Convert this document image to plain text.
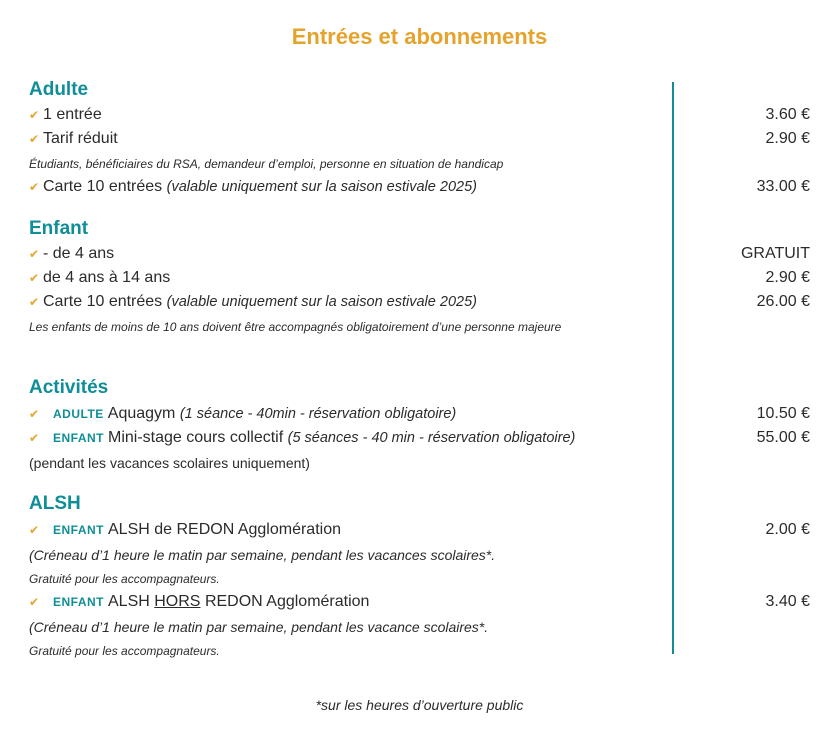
Entrées et abonnements
Adulte
✔ 1 entrée	3.60 €
✔ Tarif réduit	2.90 €
Étudiants, bénéficiaires du RSA, demandeur d’emploi, personne en situation de handicap
✔ Carte 10 entrées (valable uniquement sur la saison estivale 2025)	33.00 €
Enfant
✔ - de 4 ans	GRATUIT
✔ de 4 ans à 14 ans	2.90 €
✔ Carte 10 entrées (valable uniquement sur la saison estivale 2025)	26.00 €
Les enfants de moins de 10 ans doivent être accompagnés obligatoirement d’une personne majeure
Activités
✔ ADULTE Aquagym (1 séance - 40min - réservation obligatoire)	10.50 €
✔ ENFANT Mini-stage cours collectif (5 séances - 40 min - réservation obligatoire)	55.00 €
(pendant les vacances scolaires uniquement)
ALSH
✔ ENFANT ALSH de REDON Agglomération	2.00 €
(Créneau d’1 heure le matin par semaine, pendant les vacances scolaires*.
Gratuité pour les accompagnateurs.
✔ ENFANT ALSH HORS REDON Agglomération	3.40 €
(Créneau d’1 heure le matin par semaine, pendant les vacance scolaires*.
Gratuité pour les accompagnateurs.
*sur les heures d’ouverture public
